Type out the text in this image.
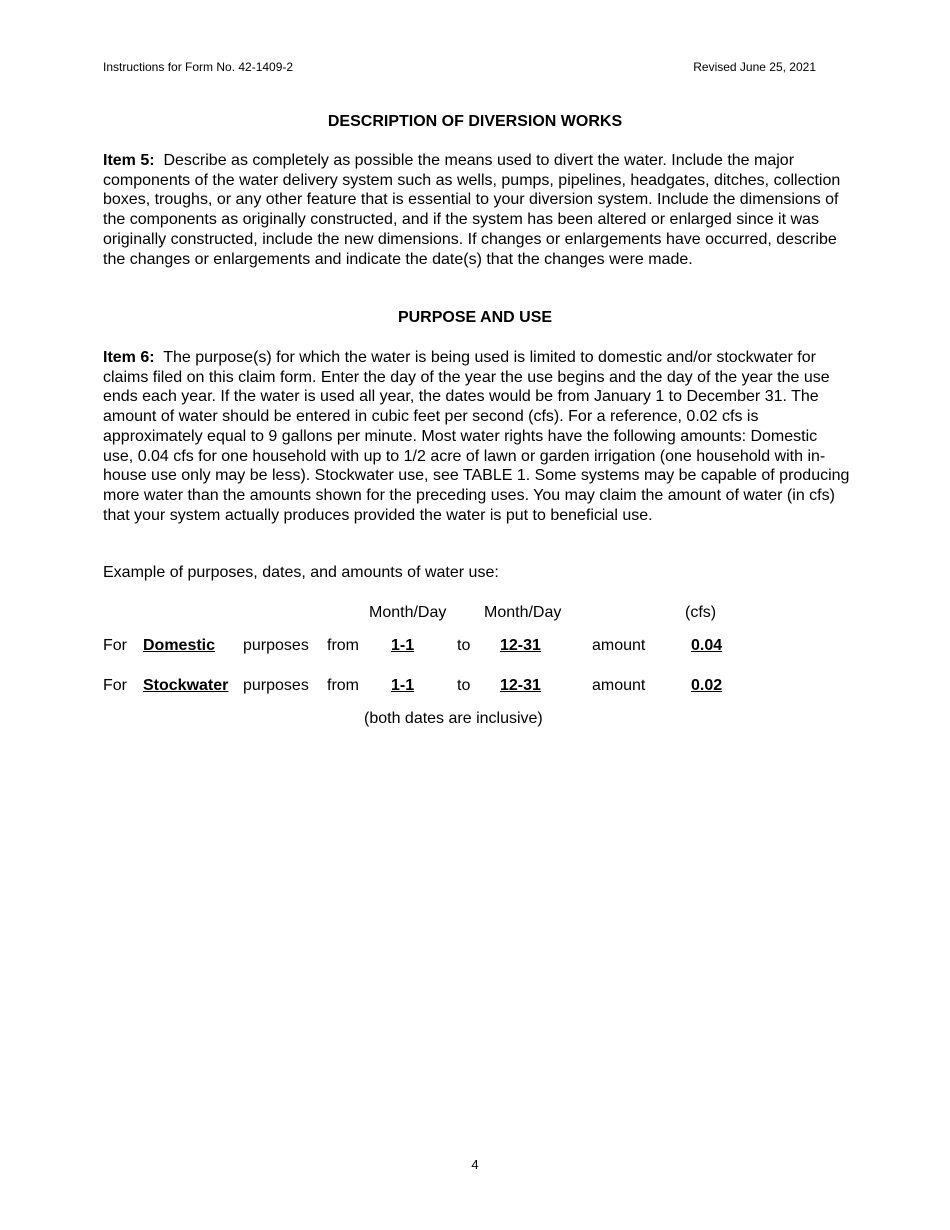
Instructions for Form No. 42-1409-2	Revised June 25, 2021
DESCRIPTION OF DIVERSION WORKS
Item 5: Describe as completely as possible the means used to divert the water. Include the major components of the water delivery system such as wells, pumps, pipelines, headgates, ditches, collection boxes, troughs, or any other feature that is essential to your diversion system. Include the dimensions of the components as originally constructed, and if the system has been altered or enlarged since it was originally constructed, include the new dimensions. If changes or enlargements have occurred, describe the changes or enlargements and indicate the date(s) that the changes were made.
PURPOSE AND USE
Item 6: The purpose(s) for which the water is being used is limited to domestic and/or stockwater for claims filed on this claim form. Enter the day of the year the use begins and the day of the year the use ends each year. If the water is used all year, the dates would be from January 1 to December 31. The amount of water should be entered in cubic feet per second (cfs). For a reference, 0.02 cfs is approximately equal to 9 gallons per minute. Most water rights have the following amounts: Domestic use, 0.04 cfs for one household with up to 1/2 acre of lawn or garden irrigation (one household with in-house use only may be less). Stockwater use, see TABLE 1. Some systems may be capable of producing more water than the amounts shown for the preceding uses. You may claim the amount of water (in cfs) that your system actually produces provided the water is put to beneficial use.
Example of purposes, dates, and amounts of water use:
Month/Day Month/Day	(cfs)
For Domestic purposes from 1-1	to 12-31	amount	0.04
For Stockwater purposes from 1-1	to 12-31	amount	0.02
(both dates are inclusive)
4
